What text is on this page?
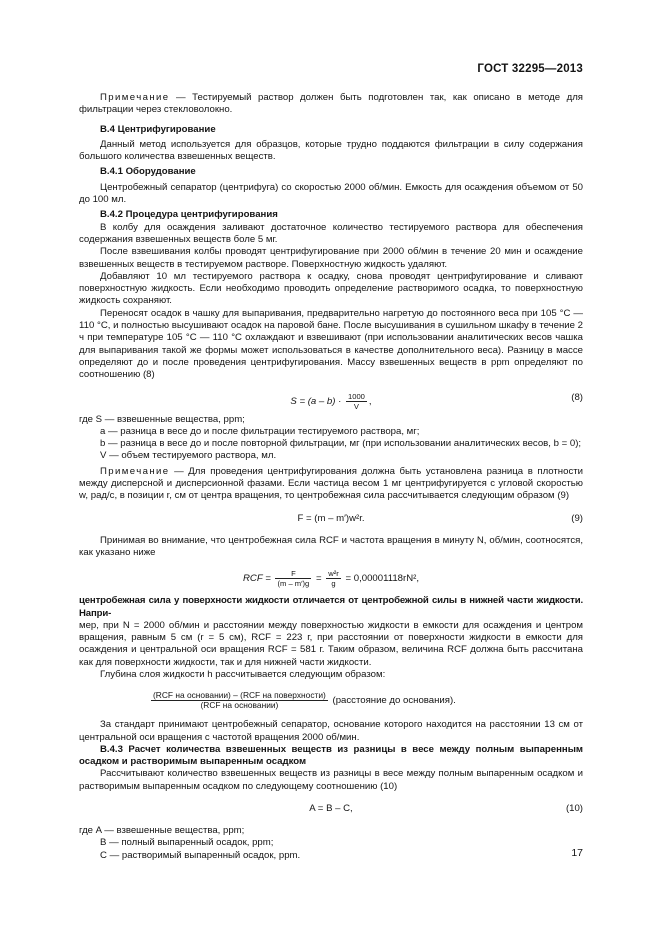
ГОСТ 32295—2013

Примечание — Тестируемый раствор должен быть подготовлен так, как описано в методе для фильтрации через стекловолокно.

В.4 Центрифугирование

Данный метод используется для образцов, которые трудно поддаются фильтрации в силу содержания большого количества взвешенных веществ.

В.4.1 Оборудование

Центробежный сепаратор (центрифуга) со скоростью 2000 об/мин. Емкость для осаждения объемом от 50 до 100 мл.

В.4.2 Процедура центрифугирования

В колбу для осаждения заливают достаточное количество тестируемого раствора для обеспечения содержания взвешенных веществ боле 5 мг.

После взвешивания колбы проводят центрифугирование при 2000 об/мин в течение 20 мин и осаждение взвешенных веществ в тестируемом растворе. Поверхностную жидкость удаляют.

Добавляют 10 мл тестируемого раствора к осадку, снова проводят центрифугирование и сливают поверхностную жидкость. Если необходимо проводить определение растворимого осадка, то поверхностную жидкость сохраняют.

Переносят осадок в чашку для выпаривания, предварительно нагретую до постоянного веса при 105 °С — 110 °С, и полностью высушивают осадок на паровой бане. После высушивания в сушильном шкафу в течение 2 ч при температуре 105 °С — 110 °С охлаждают и взвешивают (при использовании аналитических весов чашка для выпаривания такой же формы может использоваться в качестве дополнительного веса). Разницу в массе определяют до и после проведения центрифугирования. Массу взвешенных веществ в ppm определяют по соотношению (8)

$S = (a - b) \cdot \frac{1000}{V}$ ,	(8)

где S — взвешенные вещества, ppm;

a — разница в весе до и после фильтрации тестируемого раствора, мг;

b — разница в весе до и после повторной фильтрации, мг (при использовании аналитических весов, b = 0);

V — объем тестируемого раствора, мл.

Примечание — Для проведения центрифугирования должна быть установлена разница в плотности между дисперсной и дисперсионной фазами. Если частица весом 1 мг центрифугируется с угловой скоростью w, рад/с, в позиции r, см от центра вращения, то центробежная сила рассчитывается следующим образом (9)

F = (m – m′)w²r.	(9)

Принимая во внимание, что центробежная сила RCF и частота вращения в минуту N, об/мин, соотносятся, как указано ниже

RCF = $\frac{F}{(m - m')g} = \frac{\text{w²r}}{g} = 0,00001118rN^2$,

центробежная сила у поверхности жидкости отличается от центробежной силы в нижней части жидкости. Напри-

мер, при N = 2000 об/мин и расстоянии между поверхностью жидкости в емкости для осаждения и центром вращения, равным 5 см (r = 5 см), RCF = 223 г, при расстоянии от поверхности жидкости в емкости для осаждения и центральной оси вращения RCF = 581 г. Таким образом, величина RCF должна быть рассчитана как для поверхности жидкости, так и для нижней части жидкости.

Глубина слоя жидкости h рассчитывается следующим образом:

$\frac{\text{(RCF на основании) – (RCF на поверхности)}}{\text{(RCF на основании)}}$ (расстояние до основания).

За стандарт принимают центробежный сепаратор, основание которого находится на расстоянии 13 см от центральной оси вращения с частотой вращения 2000 об/мин.

В.4.3 Расчет количества взвешенных веществ из разницы в весе между полным выпаренным осадком и растворимым выпаренным осадком

Рассчитывают количество взвешенных веществ из разницы в весе между полным выпаренным осадком и растворимым выпаренным осадком по следующему соотношению (10)

A = B – C,	(10)

где A — взвешенные вещества, ppm;

B — полный выпаренный осадок, ppm;

C — растворимый выпаренный осадок, ppm.	17
